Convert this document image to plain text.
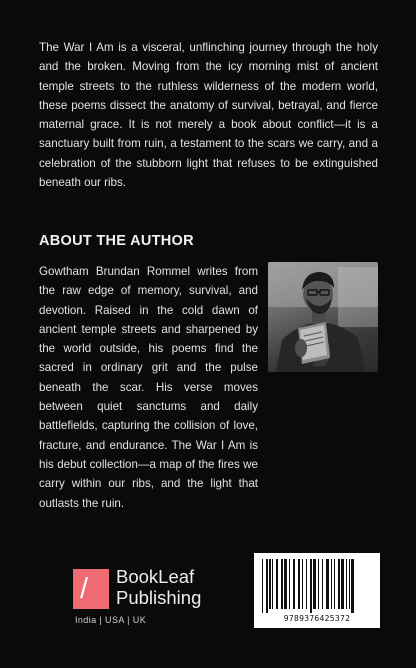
The War I Am is a visceral, unflinching journey through the holy and the broken. Moving from the icy morning mist of ancient temple streets to the ruthless wilderness of the modern world, these poems dissect the anatomy of survival, betrayal, and fierce maternal grace. It is not merely a book about conflict—it is a sanctuary built from ruin, a testament to the scars we carry, and a celebration of the stubborn light that refuses to be extinguished beneath our ribs.

ABOUT THE AUTHOR

Gowtham Brundan Rommel writes from the raw edge of memory, survival, and devotion. Raised in the cold dawn of ancient temple streets and sharpened by the world outside, his poems find the sacred in ordinary grit and the pulse beneath the scar. His verse moves between quiet sanctums and daily battlefields, capturing the collision of love, fracture, and endurance. The War I Am is his debut collection—a map of the fires we carry within our ribs, and the light that outlasts the ruin.

/ BookLeaf
Publishing
India | USA | UK	9789376425372
